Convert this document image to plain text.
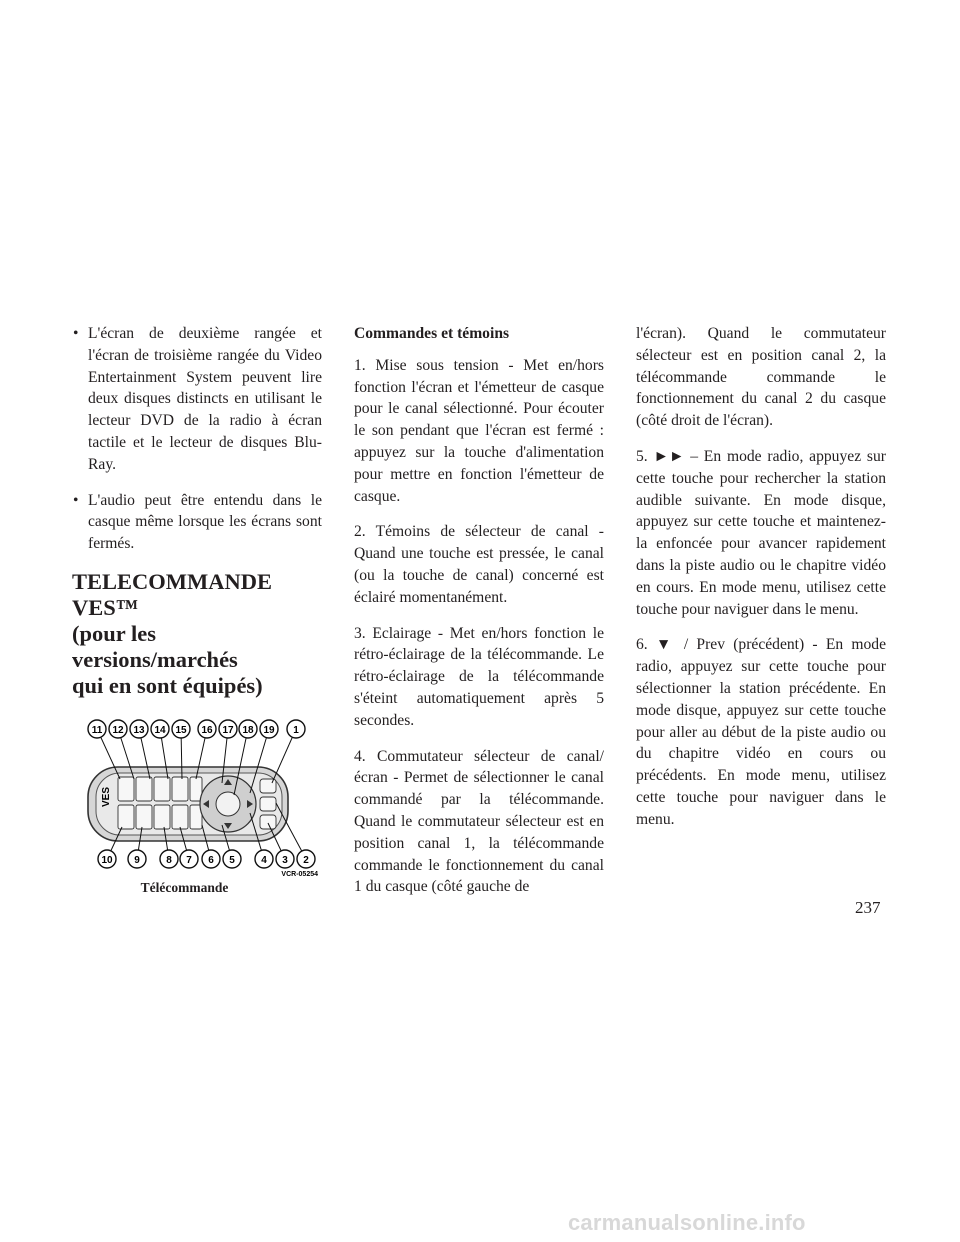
• L'écran de deuxième rangée et l'écran de troisième rangée du Video Entertainment System peuvent lire deux disques distincts en utilisant le lecteur DVD de la radio à écran tactile et le lecteur de disques Blu-Ray.
• L'audio peut être entendu dans le casque même lorsque les écrans sont fermés.
TELECOMMANDE VES™
(pour les versions/marchés
qui en sont équipés)
VES
11 12 13 14 15 16 17 18 19 1
10 9	8 7 6 5	4 3 2
VCR-05254
Télécommande

Commandes et témoins

1. Mise sous tension - Met en/hors fonction l'écran et l'émetteur de casque pour le canal sélectionné. Pour écouter le son pendant que l'écran est fermé : appuyez sur la touche d'alimentation pour mettre en fonction l'émetteur de casque.

2. Témoins de sélecteur de canal - Quand une touche est pressée, le canal (ou la touche de canal) concerné est éclairé momentanément.

3. Eclairage - Met en/hors fonction le rétro-éclairage de la télécommande. Le rétro-éclairage de la télécommande s'éteint automatiquement après 5 secondes.

4. Commutateur sélecteur de canal/écran - Permet de sélectionner le canal commandé par la télécommande. Quand le commutateur sélecteur est en position canal 1, la télécommande commande le fonctionnement du canal 1 du casque (côté gauche de

l'écran). Quand le commutateur sélecteur est en position canal 2, la télécommande commande le fonctionnement du canal 2 du casque (côté droit de l'écran).

5. ►► – En mode radio, appuyez sur cette touche pour rechercher la station audible suivante. En mode disque, appuyez sur cette touche et maintenez-la enfoncée pour avancer rapidement dans la piste audio ou le chapitre vidéo en cours. En mode menu, utilisez cette touche pour naviguer dans le menu.

6. ▼ / Prev (précédent) - En mode radio, appuyez sur cette touche pour sélectionner la station précédente. En mode disque, appuyez sur cette touche pour aller au début de la piste audio ou du chapitre vidéo en cours ou précédents. En mode menu, utilisez cette touche pour naviguer dans le menu.

237
carmanualsonline.info
